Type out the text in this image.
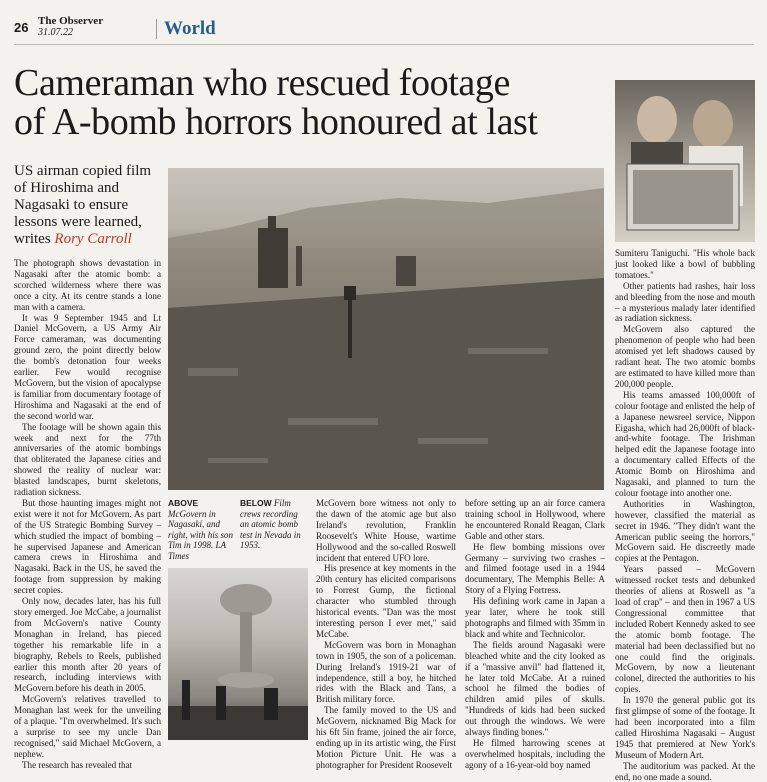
26 The Observer
31.07.22	World
Cameraman who rescued footage
of A-bomb horrors honoured at last
US airman copied film of Hiroshima and Nagasaki to ensure lessons were learned, writes Rory Carroll
ABOVE McGovern in Nagasaki, and right, with his son Tim in 1998. LA Times
BELOW Film crews recording an atomic bomb test in Nevada in 1953.

The photograph shows devastation in Nagasaki after the atomic bomb: a scorched wilderness where there was once a city. At its centre stands a lone man with a camera.

It was 9 September 1945 and Lt Daniel McGovern, a US Army Air Force cameraman, was documenting ground zero, the point directly below the bomb's detonation four weeks earlier. Few would recognise McGovern, but the vision of apocalypse is familiar from documentary footage of Hiroshima and Nagasaki at the end of the second world war.

The footage will be shown again this week and next for the 77th anniversaries of the atomic bombings that obliterated the Japanese cities and showed the reality of nuclear war: blasted landscapes, burnt skeletons, radiation sickness.

But those haunting images might not exist were it not for McGovern. As part of the US Strategic Bombing Survey – which studied the impact of bombing – he supervised Japanese and American camera crews in Hiroshima and Nagasaki. Back in the US, he saved the footage from suppression by making secret copies.

Only now, decades later, has his full story emerged. Joe McCabe, a journalist from McGovern's native County Monaghan in Ireland, has pieced together his remarkable life in a biography, Rebels to Reels, published earlier this month after 20 years of research, including interviews with McGovern before his death in 2005.

McGovern's relatives travelled to Monaghan last week for the unveiling of a plaque. "I'm overwhelmed. It's such a surprise to see my uncle Dan recognised," said Michael McGovern, a nephew.

The research has revealed that

McGovern bore witness not only to the dawn of the atomic age but also Ireland's revolution, Franklin Roosevelt's White House, wartime Hollywood and the so-called Roswell incident that entered UFO lore.

His presence at key moments in the 20th century has elicited comparisons to Forrest Gump, the fictional character who stumbled through historical events. "Dan was the most interesting person I ever met," said McCabe.

McGovern was born in Monaghan town in 1905, the son of a policeman. During Ireland's 1919-21 war of independence, still a boy, he hitched rides with the Black and Tans, a British military force.

The family moved to the US and McGovern, nicknamed Big Mack for his 6ft 5in frame, joined the air force, ending up in its artistic wing, the First Motion Picture Unit. He was a photographer for President Roosevelt

before setting up an air force camera training school in Hollywood, where he encountered Ronald Reagan, Clark Gable and other stars.

He flew bombing missions over Germany – surviving two crashes – and filmed footage used in a 1944 documentary, The Memphis Belle: A Story of a Flying Fortress.

His defining work came in Japan a year later, where he took still photographs and filmed with 35mm in black and white and Technicolor.

The fields around Nagasaki were bleached white and the city looked as if a "massive anvil" had flattened it, he later told McCabe. At a ruined school he filmed the bodies of children amid piles of skulls. "Hundreds of kids had been sucked out through the windows. We were always finding bones."

He filmed harrowing scenes at overwhelmed hospitals, including the agony of a 16-year-old boy named

Sumiteru Taniguchi. "His whole back just looked like a bowl of bubbling tomatoes."

Other patients had rashes, hair loss and bleeding from the nose and mouth – a mysterious malady later identified as radiation sickness.

McGovern also captured the phenomenon of people who had been atomised yet left shadows caused by radiant heat. The two atomic bombs are estimated to have killed more than 200,000 people.

His teams amassed 100,000ft of colour footage and enlisted the help of a Japanese newsreel service, Nippon Eigasha, which had 26,000ft of black-and-white footage. The Irishman helped edit the Japanese footage into a documentary called Effects of the Atomic Bomb on Hiroshima and Nagasaki, and planned to turn the colour footage into another one.

Authorities in Washington, however, classified the material as secret in 1946. "They didn't want the American public seeing the horrors," McGovern said. He discreetly made copies at the Pentagon.

Years passed – McGovern witnessed rocket tests and debunked theories of aliens at Roswell as "a load of crap" – and then in 1967 a US Congressional committee that included Robert Kennedy asked to see the atomic bomb footage. The material had been declassified but no one could find the originals. McGovern, by now a lieutenant colonel, directed the authorities to his copies.

In 1970 the general public got its first glimpse of some of the footage. It had been incorporated into a film called Hiroshima Nagasaki – August 1945 that premiered at New York's Museum of Modern Art.

The auditorium was packed. At the end, no one made a sound.
